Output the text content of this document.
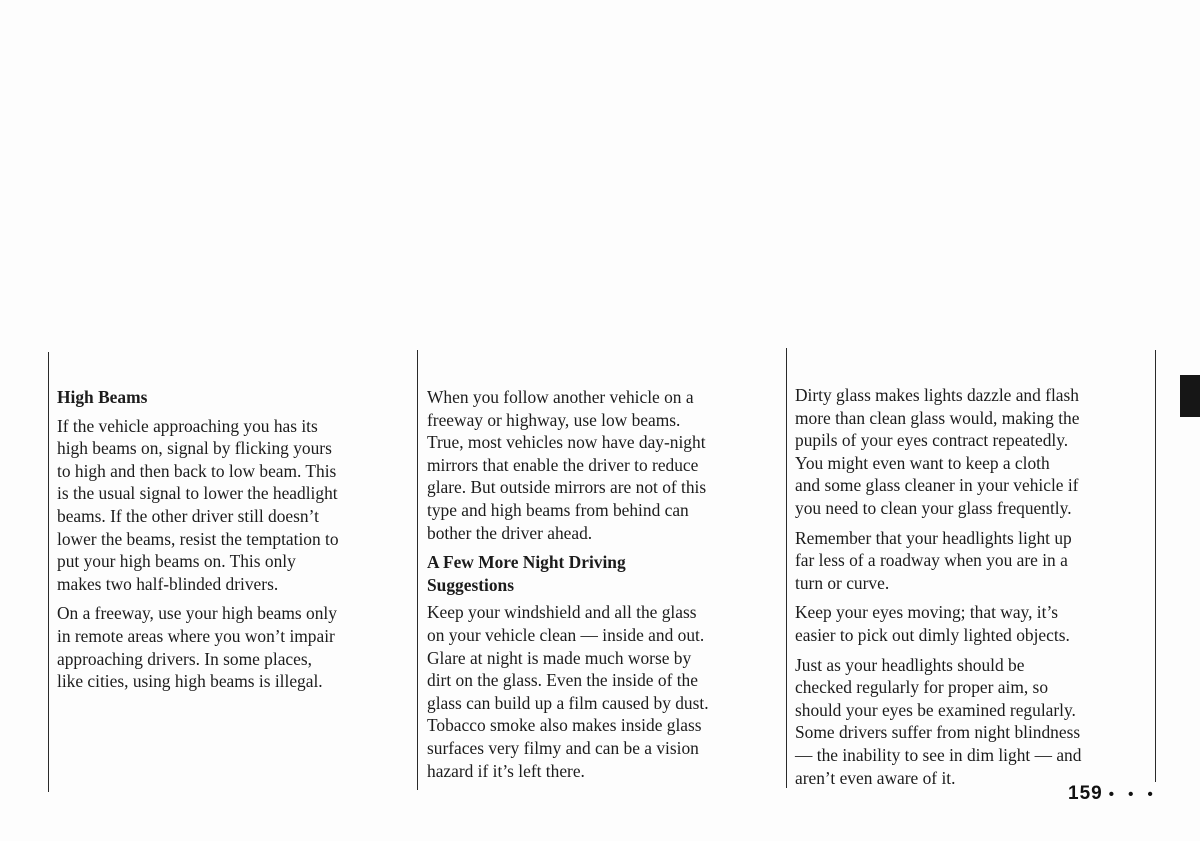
High Beams

If the vehicle approaching you has its
high beams on, signal by flicking yours
to high and then back to low beam. This
is the usual signal to lower the headlight
beams. If the other driver still doesn’t
lower the beams, resist the temptation to
put your high beams on. This only
makes two half-blinded drivers.

On a freeway, use your high beams only
in remote areas where you won’t impair
approaching drivers. In some places,
like cities, using high beams is illegal.

When you follow another vehicle on a
freeway or highway, use low beams.
True, most vehicles now have day-night
mirrors that enable the driver to reduce
glare. But outside mirrors are not of this
type and high beams from behind can
bother the driver ahead.

A Few More Night Driving
Suggestions

Keep your windshield and all the glass
on your vehicle clean — inside and out.
Glare at night is made much worse by
dirt on the glass. Even the inside of the
glass can build up a film caused by dust.
Tobacco smoke also makes inside glass
surfaces very filmy and can be a vision
hazard if it’s left there.

Dirty glass makes lights dazzle and flash
more than clean glass would, making the
pupils of your eyes contract repeatedly.
You might even want to keep a cloth
and some glass cleaner in your vehicle if
you need to clean your glass frequently.

Remember that your headlights light up
far less of a roadway when you are in a
turn or curve.

Keep your eyes moving; that way, it’s
easier to pick out dimly lighted objects.

Just as your headlights should be
checked regularly for proper aim, so
should your eyes be examined regularly.
Some drivers suffer from night blindness
— the inability to see in dim light — and
aren’t even aware of it.

159 • • •
